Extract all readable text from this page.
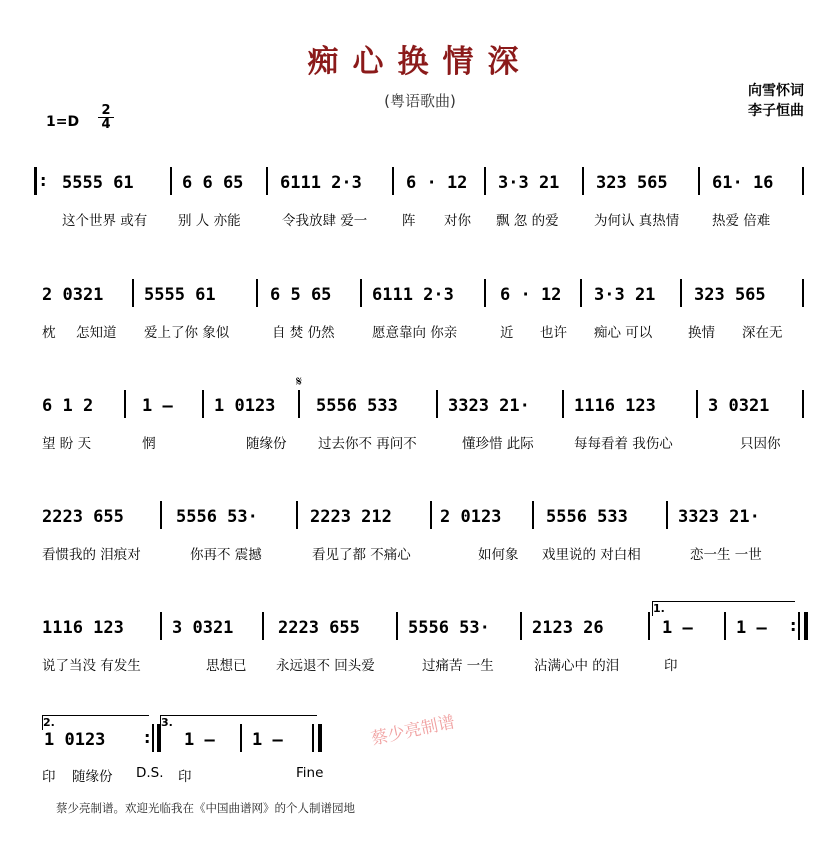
痴心换情深
(粤语歌曲)
向雪怀词
李子恒曲
1=D
2
4
: 5555 61	6 6 65 6111 2·3	6 · 12 3·3 21 323 565	61· 16
这个世界 或有 别 人 亦能	令我放肆 爱一	阵 对你 飘 忽 的爱	为何认 真热情 热爱 倍难
2 0321 5555 61	6 5 65 6111 2·3	6 · 12 3·3 21 323 565
枕 怎知道 爱上了你 象似	自 焚 仍然	愿意靠向 你亲	近 也许 痴心 可以	换情 深在无
𝄋
6 1 2	1 — 1 0123 5556 533	3323 21·	1116 123	3 0321
望 盼 天	惘	随缘份 过去你不 再问不	懂珍惜 此际	每每看着 我伤心	只因你
2223 655	5556 53·	2223 212	2 0123	5556 533	3323 21·
看惯我的 泪痕对	你再不 震撼	看见了都 不痛心	如何象 戏里说的 对白相	恋一生 一世
1.
1116 123	3 0321	2223 655	5556 53· 2123 26	1 —	1 — :
说了当没 有发生	思想已 永远退不 回头爱	过痛苦 一生	沾满心中 的泪	印
2.	3.
1 0123 : 1 — 1 —
印 随缘份 D.S. 印	Fine
蔡少亮制谱
蔡少亮制谱。欢迎光临我在《中国曲谱网》的个人制谱园地
